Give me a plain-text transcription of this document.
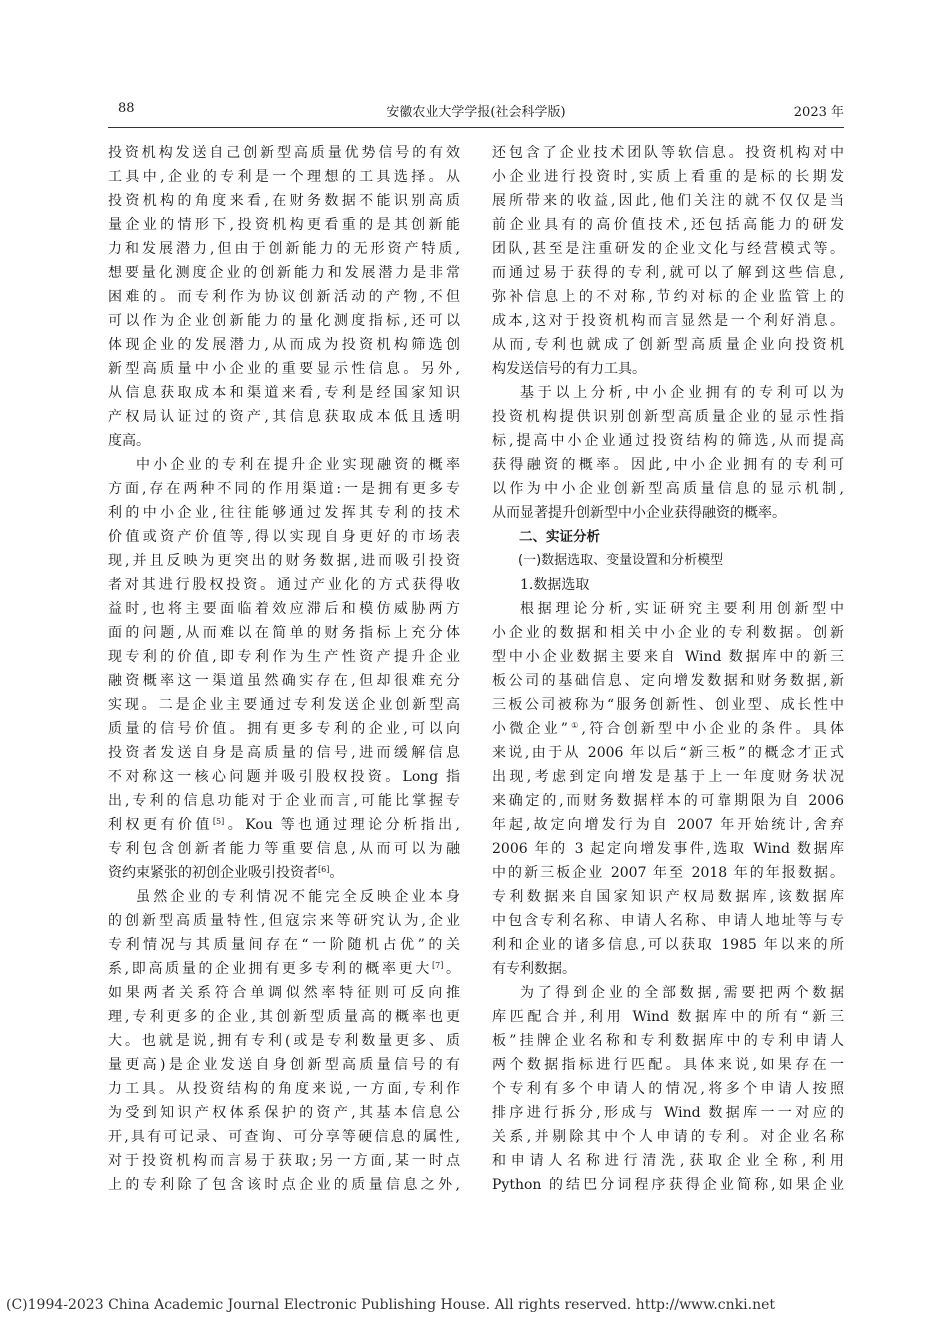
88	安徽农业大学学报(社会科学版)	2023 年

投资机构发送自己创新型高质量优势信号的有效

工具中,企业的专利是一个理想的工具选择。从

投资机构的角度来看,在财务数据不能识别高质

量企业的情形下,投资机构更看重的是其创新能

力和发展潜力,但由于创新能力的无形资产特质,

想要量化测度企业的创新能力和发展潜力是非常

困难的。而专利作为协议创新活动的产物,不但

可以作为企业创新能力的量化测度指标,还可以

体现企业的发展潜力,从而成为投资机构筛选创

新型高质量中小企业的重要显示性信息。另外,

从信息获取成本和渠道来看,专利是经国家知识

产权局认证过的资产,其信息获取成本低且透明

度高。

中小企业的专利在提升企业实现融资的概率

方面,存在两种不同的作用渠道:一是拥有更多专

利的中小企业,往往能够通过发挥其专利的技术

价值或资产价值等,得以实现自身更好的市场表

现,并且反映为更突出的财务数据,进而吸引投资

者对其进行股权投资。通过产业化的方式获得收

益时,也将主要面临着效应滞后和模仿威胁两方

面的问题,从而难以在简单的财务指标上充分体

现专利的价值,即专利作为生产性资产提升企业

融资概率这一渠道虽然确实存在,但却很难充分

实现。二是企业主要通过专利发送企业创新型高

质量的信号价值。拥有更多专利的企业,可以向

投资者发送自身是高质量的信号,进而缓解信息

不对称这一核心问题并吸引股权投资。Long 指

出,专利的信息功能对于企业而言,可能比掌握专

利权更有价值[5]。Kou 等也通过理论分析指出,

专利包含创新者能力等重要信息,从而可以为融

资约束紧张的初创企业吸引投资者[6]。

虽然企业的专利情况不能完全反映企业本身

的创新型高质量特性,但寇宗来等研究认为,企业

专利情况与其质量间存在“一阶随机占优”的关

系,即高质量的企业拥有更多专利的概率更大[7]。

如果两者关系符合单调似然率特征则可反向推

理,专利更多的企业,其创新型质量高的概率也更

大。也就是说,拥有专利(或是专利数量更多、质

量更高)是企业发送自身创新型高质量信号的有

力工具。从投资结构的角度来说,一方面,专利作

为受到知识产权体系保护的资产,其基本信息公

开,具有可记录、可查询、可分享等硬信息的属性,

对于投资机构而言易于获取;另一方面,某一时点

上的专利除了包含该时点企业的质量信息之外,

还包含了企业技术团队等软信息。投资机构对中

小企业进行投资时,实质上看重的是标的长期发

展所带来的收益,因此,他们关注的就不仅仅是当

前企业具有的高价值技术,还包括高能力的研发

团队,甚至是注重研发的企业文化与经营模式等。

而通过易于获得的专利,就可以了解到这些信息,

弥补信息上的不对称,节约对标的企业监管上的

成本,这对于投资机构而言显然是一个利好消息。

从而,专利也就成了创新型高质量企业向投资机

构发送信号的有力工具。

基于以上分析,中小企业拥有的专利可以为

投资机构提供识别创新型高质量企业的显示性指

标,提高中小企业通过投资结构的筛选,从而提高

获得融资的概率。因此,中小企业拥有的专利可

以作为中小企业创新型高质量信息的显示机制,

从而显著提升创新型中小企业获得融资的概率。

二、实证分析

(一)数据选取、变量设置和分析模型

1.数据选取

根据理论分析,实证研究主要利用创新型中

小企业的数据和相关中小企业的专利数据。创新

型中小企业数据主要来自 Wind 数据库中的新三

板公司的基础信息、定向增发数据和财务数据,新

三板公司被称为“服务创新性、创业型、成长性中

小微企业”①,符合创新型中小企业的条件。具体

来说,由于从 2006 年以后“新三板”的概念才正式

出现,考虑到定向增发是基于上一年度财务状况

来确定的,而财务数据样本的可靠期限为自 2006

年起,故定向增发行为自 2007 年开始统计,舍弃

2006 年的 3 起定向增发事件,选取 Wind 数据库

中的新三板企业 2007 年至 2018 年的年报数据。

专利数据来自国家知识产权局数据库,该数据库

中包含专利名称、申请人名称、申请人地址等与专

利和企业的诸多信息,可以获取 1985 年以来的所

有专利数据。

为了得到企业的全部数据,需要把两个数据

库匹配合并,利用 Wind 数据库中的所有“新三

板”挂牌企业名称和专利数据库中的专利申请人

两个数据指标进行匹配。具体来说,如果存在一

个专利有多个申请人的情况,将多个申请人按照

排序进行拆分,形成与 Wind 数据库一一对应的

关系,并剔除其中个人申请的专利。对企业名称

和申请人名称进行清洗,获取企业全称,利用

Python 的结巴分词程序获得企业简称,如果企业

(C)1994-2023 China Academic Journal Electronic Publishing House. All rights reserved. http://www.cnki.net
